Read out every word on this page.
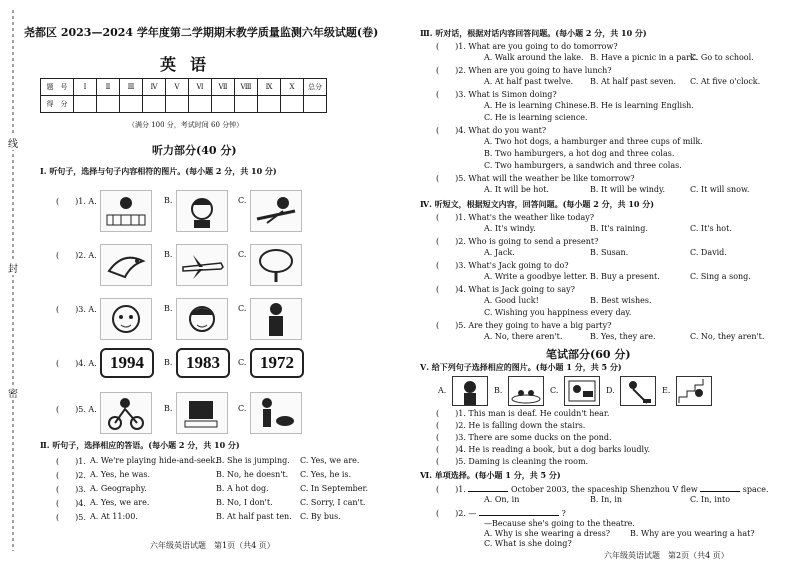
线
封
密
尧都区 2023—2024 学年度第二学期期末教学质量监测六年级试题(卷)
英语
题　号	Ⅰ	Ⅱ	Ⅲ	Ⅳ	Ⅴ	Ⅵ	Ⅶ	Ⅷ	Ⅸ	Ⅹ	总分
得　分											
（满分 100 分，考试时间 60 分钟）
听力部分(40 分)
Ⅰ. 听句子，选择与句子内容相符的图片。(每小题 2 分，共 10 分)
(　　)1. A.	B.	C.
(　　)2. A.	B.	C.
(　　)3. A.	B.	C.
(　　)4. A.	B.	C.
1994	1983	1972
(　　)5. A.	B.	C.
Ⅱ. 听句子，选择相应的答语。(每小题 2 分，共 10 分)
(　　)1. A. We're playing hide-and-seek.
B. She is jumping. C. Yes, we are.
(　　)2. A. Yes, he was.	B. No, he doesn't. C. Yes, he is.
(　　)3. A. Geography.	B. A hot dog.	C. In September.
(　　)4. A. Yes, we are.	B. No, I don't.	C. Sorry, I can't.
(　　)5. A. At 11:00.	B. At half past ten. C. By bus.
六年级英语试题　第1页（共4 页）
Ⅲ. 听对话，根据对话内容回答问题。(每小题 2 分，共 10 分)
(　　)1. What are you going to do tomorrow?
A. Walk around the lake. B. Have a picnic in a park.
C. Go to school.
(　　)2. When are you going to have lunch?
A. At half past twelve. B. At half past seven. C. At five o'clock.
(　　)3. What is Simon doing?
A. He is learning Chinese. B. He is learning English.
C. He is learning science.
(　　)4. What do you want?
A. Two hot dogs, a hamburger and three cups of milk.
B. Two hamburgers, a hot dog and three colas.
C. Two hamburgers, a sandwich and three colas.
(　　)5. What will the weather be like tomorrow?
A. It will be hot.	B. It will be windy.	C. It will snow.
Ⅳ. 听短文，根据短文内容，回答问题。(每小题 2 分，共 10 分)
(　　)1. What's the weather like today?
A. It's windy.	B. It's raining.	C. It's hot.
(　　)2. Who is going to send a present?
A. Jack.	B. Susan.	C. David.
(　　)3. What's Jack going to do?
A. Write a goodbye letter. B. Buy a present.	C. Sing a song.
(　　)4. What is Jack going to say?
A. Good luck!	B. Best wishes.
C. Wishing you happiness every day.
(　　)5. Are they going to have a big party?
A. No, there aren't.	B. Yes, they are.	C. No, they aren't.
笔试部分(60 分)
Ⅴ. 给下列句子选择相应的图片。(每小题 1 分，共 5 分)
A.	B.	C.	D.	E.
(　　)1. This man is deaf. He couldn't hear.
(　　)2. He is falling down the stairs.
(　　)3. There are some ducks on the pond.
(　　)4. He is reading a book, but a dog barks loudly.
(　　)5. Daming is cleaning the room.
Ⅵ. 单项选择。(每小题 1 分，共 5 分)
(　　)1.	October 2003, the spaceship Shenzhou V flew	space.
A. On, in	B. In, in	C. In, into
(　　)2. —	?
—Because she's going to the theatre.
A. Why is she wearing a dress? B. Why are you wearing a hat?
C. What is she doing?
六年级英语试题　第2页（共4 页）
